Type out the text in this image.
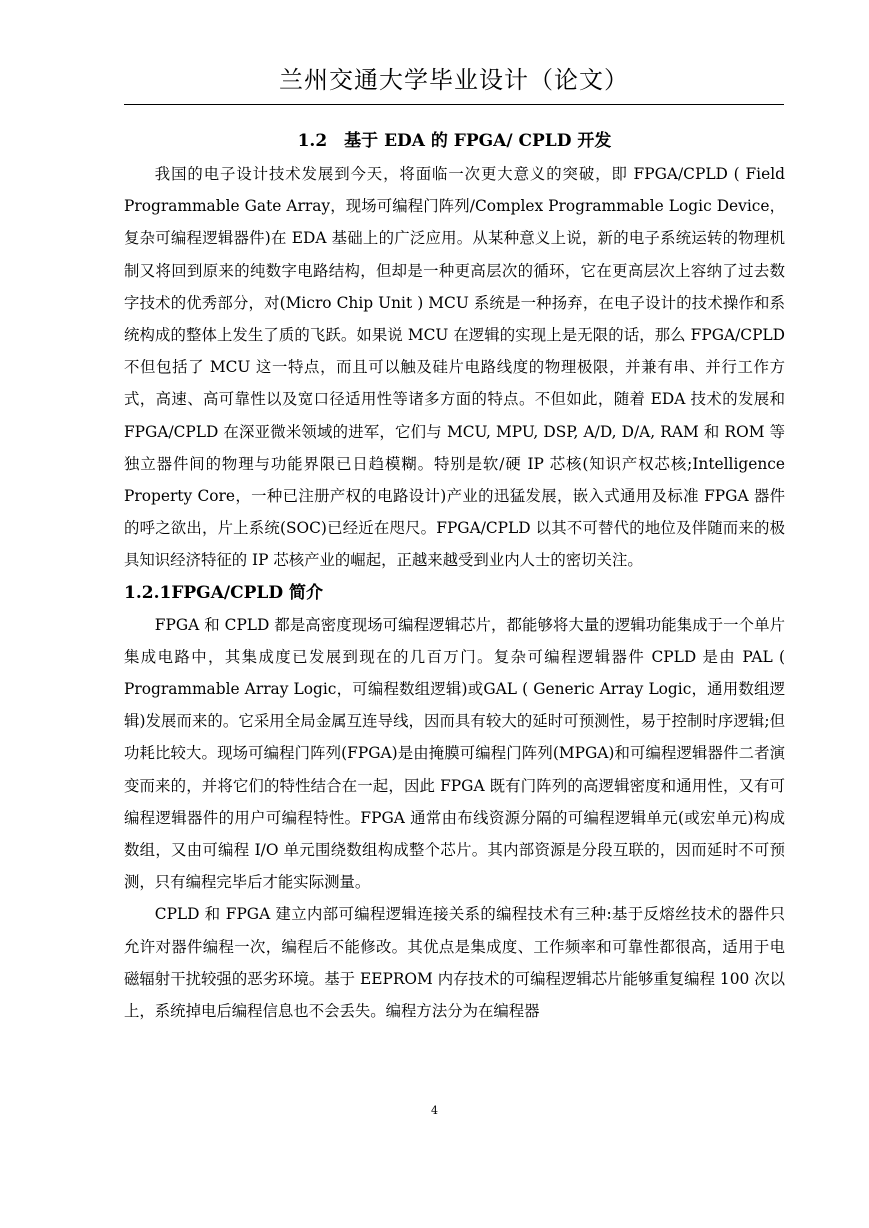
兰州交通大学毕业设计（论文）
1.2　基于 EDA 的 FPGA/ CPLD 开发

我国的电子设计技术发展到今天，将面临一次更大意义的突破，即 FPGA/CPLD ( Field Programmable Gate Array，现场可编程门阵列/Complex Programmable Logic Device，复杂可编程逻辑器件)在 EDA 基础上的广泛应用。从某种意义上说，新的电子系统运转的物理机制又将回到原来的纯数字电路结构，但却是一种更高层次的循环，它在更高层次上容纳了过去数字技术的优秀部分，对(Micro Chip Unit ) MCU 系统是一种扬弃，在电子设计的技术操作和系统构成的整体上发生了质的飞跃。如果说 MCU 在逻辑的实现上是无限的话，那么 FPGA/CPLD 不但包括了 MCU 这一特点，而且可以触及硅片电路线度的物理极限，并兼有串、并行工作方式，高速、高可靠性以及宽口径适用性等诸多方面的特点。不但如此，随着 EDA 技术的发展和 FPGA/CPLD 在深亚微米领域的进军，它们与 MCU, MPU, DSP, A/D, D/A, RAM 和 ROM 等独立器件间的物理与功能界限已日趋模糊。特别是软/硬 IP 芯核(知识产权芯核;Intelligence Property Core，一种已注册产权的电路设计)产业的迅猛发展，嵌入式通用及标准 FPGA 器件的呼之欲出，片上系统(SOC)已经近在咫尺。FPGA/CPLD 以其不可替代的地位及伴随而来的极具知识经济特征的 IP 芯核产业的崛起，正越来越受到业内人士的密切关注。

1.2.1FPGA/CPLD 简介

FPGA 和 CPLD 都是高密度现场可编程逻辑芯片，都能够将大量的逻辑功能集成于一个单片集成电路中，其集成度已发展到现在的几百万门。复杂可编程逻辑器件 CPLD 是由 PAL ( Programmable Array Logic，可编程数组逻辑)或GAL ( Generic Array Logic，通用数组逻辑)发展而来的。它采用全局金属互连导线，因而具有较大的延时可预测性，易于控制时序逻辑;但功耗比较大。现场可编程门阵列(FPGA)是由掩膜可编程门阵列(MPGA)和可编程逻辑器件二者演变而来的，并将它们的特性结合在一起，因此 FPGA 既有门阵列的高逻辑密度和通用性，又有可编程逻辑器件的用户可编程特性。FPGA 通常由布线资源分隔的可编程逻辑单元(或宏单元)构成数组，又由可编程 I/O 单元围绕数组构成整个芯片。其内部资源是分段互联的，因而延时不可预测，只有编程完毕后才能实际测量。

CPLD 和 FPGA 建立内部可编程逻辑连接关系的编程技术有三种:基于反熔丝技术的器件只允许对器件编程一次，编程后不能修改。其优点是集成度、工作频率和可靠性都很高，适用于电磁辐射干扰较强的恶劣环境。基于 EEPROM 内存技术的可编程逻辑芯片能够重复编程 100 次以上，系统掉电后编程信息也不会丢失。编程方法分为在编程器

4
